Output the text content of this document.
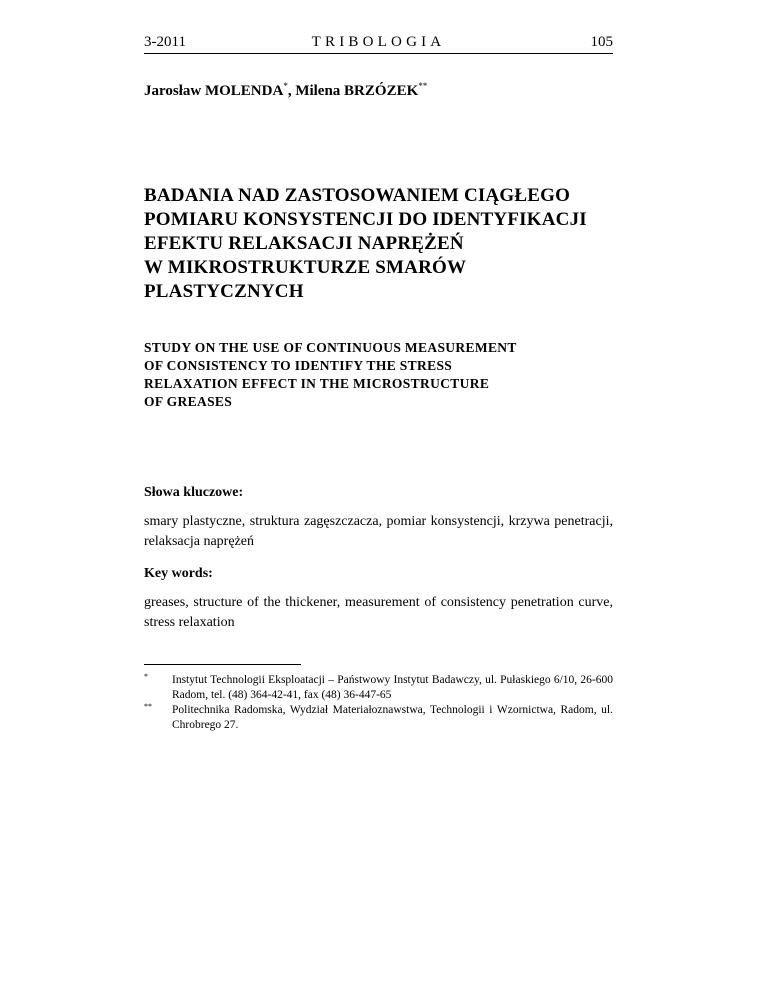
3-2011	TRIBOLOGIA	105
Jarosław MOLENDA*, Milena BRZÓZEK**
BADANIA NAD ZASTOSOWANIEM CIĄGŁEGO
POMIARU KONSYSTENCJI DO IDENTYFIKACJI
EFEKTU RELAKSACJI NAPRĘŻEŃ
W MIKROSTRUKTURZE SMARÓW
PLASTYCZNYCH
STUDY ON THE USE OF CONTINUOUS MEASUREMENT
OF CONSISTENCY TO IDENTIFY THE STRESS
RELAXATION EFFECT IN THE MICROSTRUCTURE
OF GREASES
Słowa kluczowe:
smary plastyczne, struktura zagęszczacza, pomiar konsystencji, krzywa penetracji, relaksacja naprężeń
Key words:
greases, structure of the thickener, measurement of consistency penetration curve, stress relaxation
* Instytut Technologii Eksploatacji – Państwowy Instytut Badawczy, ul. Pułaskiego 6/10, 26-600 Radom, tel. (48) 364-42-41, fax (48) 36-447-65
** Politechnika Radomska, Wydział Materiałoznawstwa, Technologii i Wzornictwa, Radom, ul. Chrobrego 27.
